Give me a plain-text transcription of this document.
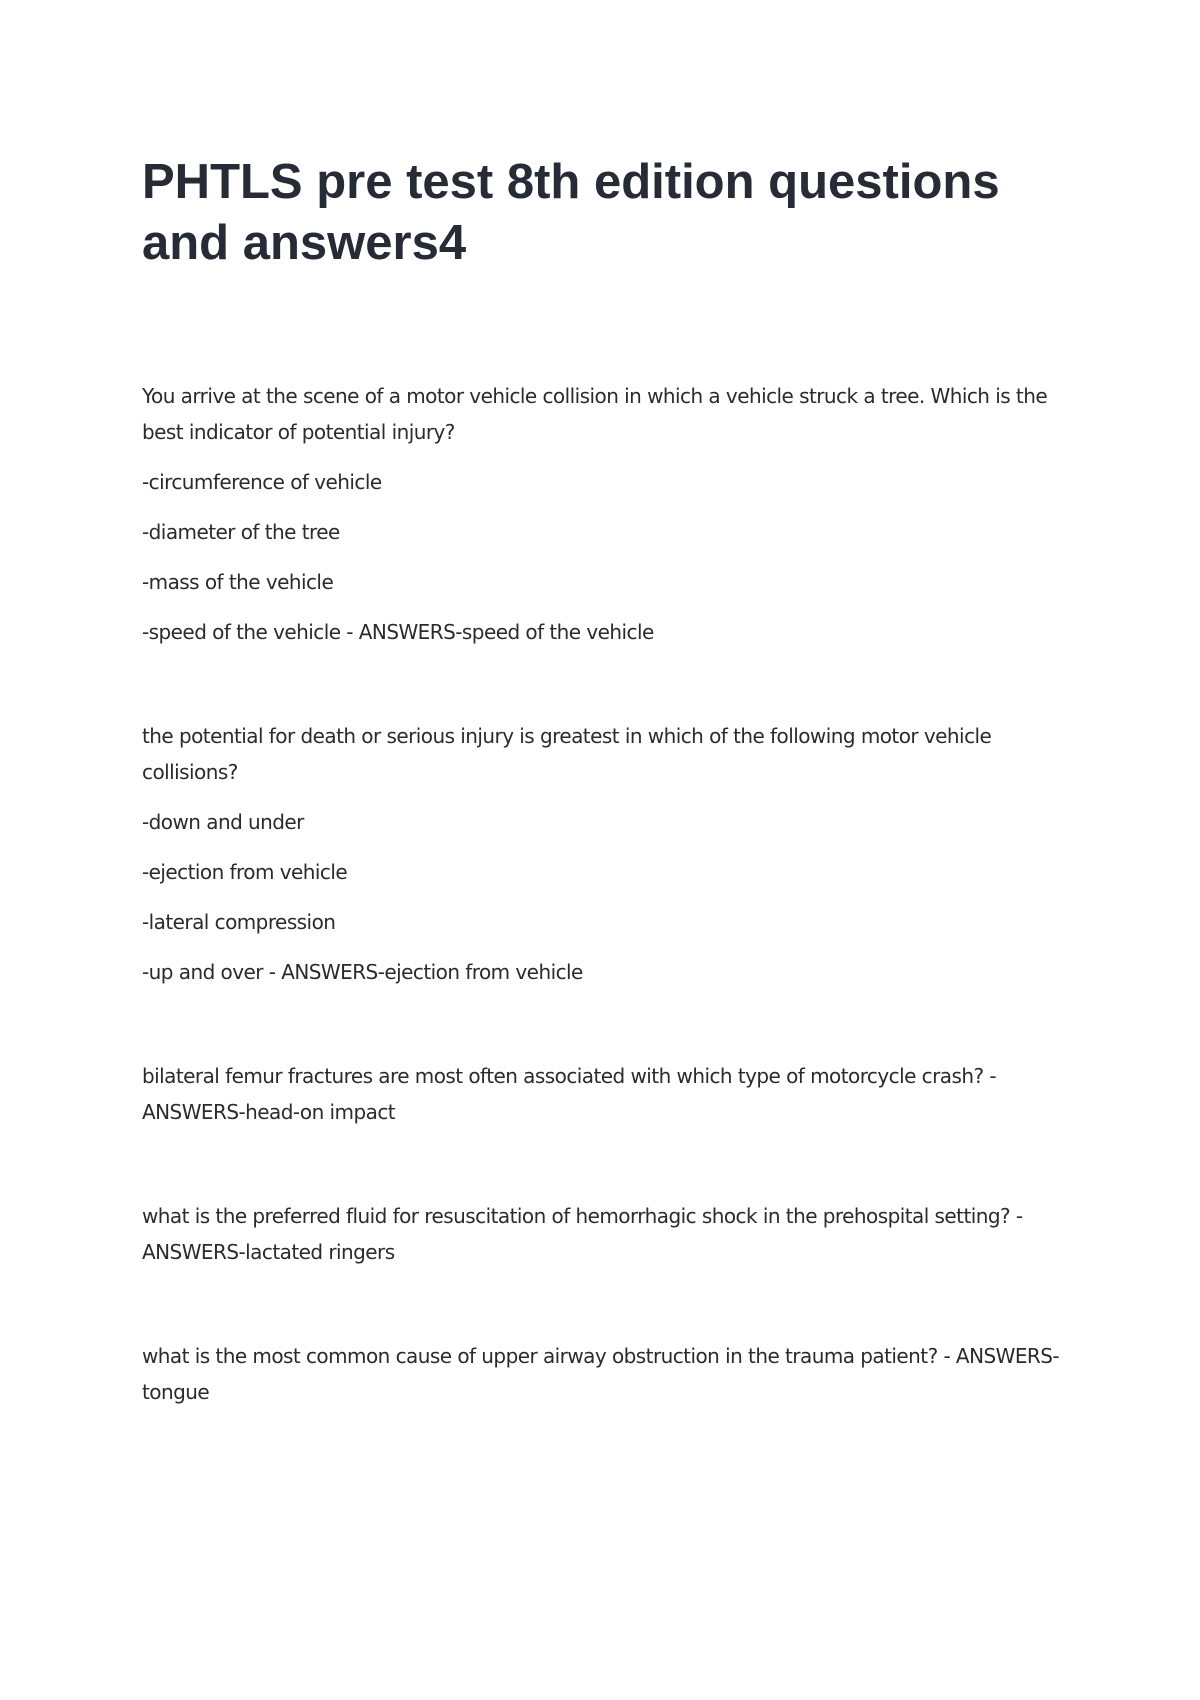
PHTLS pre test 8th edition questions and answers4

You arrive at the scene of a motor vehicle collision in which a vehicle struck a tree. Which is the best indicator of potential injury?

-circumference of vehicle

-diameter of the tree

-mass of the vehicle

-speed of the vehicle - ANSWERS-speed of the vehicle

the potential for death or serious injury is greatest in which of the following motor vehicle collisions?

-down and under

-ejection from vehicle

-lateral compression

-up and over - ANSWERS-ejection from vehicle

bilateral femur fractures are most often associated with which type of motorcycle crash? - ANSWERS-head-on impact

what is the preferred fluid for resuscitation of hemorrhagic shock in the prehospital setting? - ANSWERS-lactated ringers

what is the most common cause of upper airway obstruction in the trauma patient? - ANSWERS-tongue
